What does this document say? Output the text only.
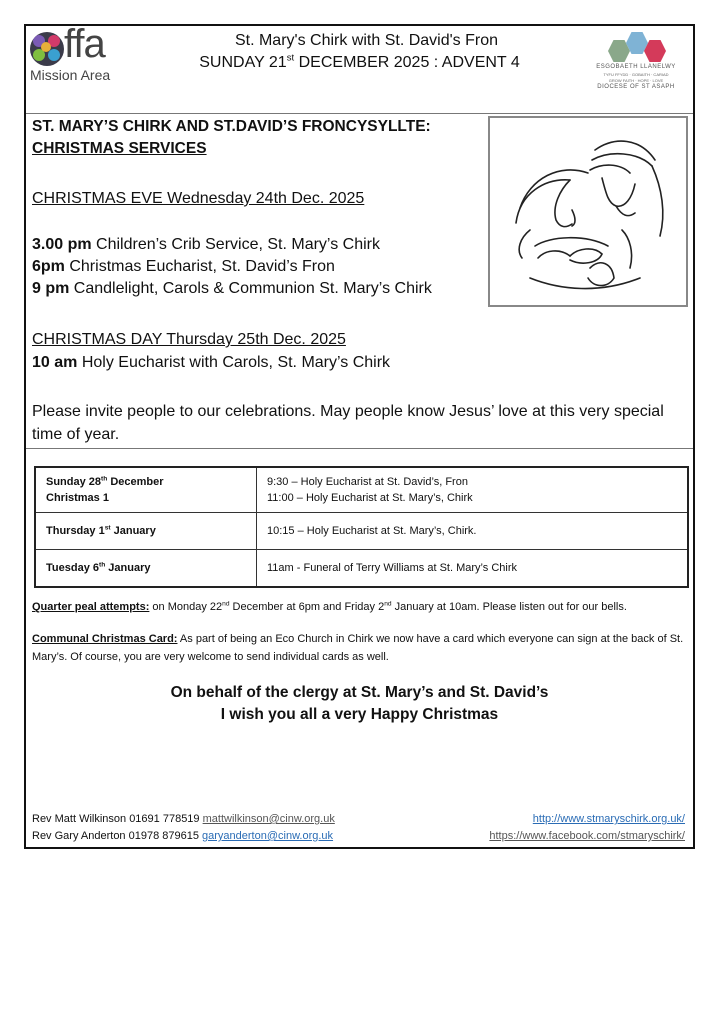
ffa
Mission Area
St. Mary's Chirk with St. David's Fron
SUNDAY 21st DECEMBER 2025 : ADVENT 4	ESGOBAETH LLANELWY
TYFU FFYDD · GOBAITH · CARIAD
GROW FAITH · HOPE · LOVE
DIOCESE OF ST ASAPH
ST. MARY’S CHIRK AND ST.DAVID’S FRONCYSYLLTE:
CHRISTMAS SERVICES
CHRISTMAS EVE Wednesday 24th Dec. 2025
3.00 pm Children’s Crib Service, St. Mary’s Chirk
6pm Christmas Eucharist, St. David’s Fron
9 pm Candlelight, Carols & Communion St. Mary’s Chirk
CHRISTMAS DAY Thursday 25th Dec. 2025
10 am Holy Eucharist with Carols, St. Mary’s Chirk
Please invite people to our celebrations. May people know Jesus’ love at this very special time of year.
Sunday 28th December
Christmas 1	9:30 – Holy Eucharist at St. David’s, Fron
11:00 – Holy Eucharist at St. Mary’s, Chirk
Thursday 1st January	10:15 – Holy Eucharist at St. Mary’s, Chirk.
Tuesday 6th January	11am - Funeral of Terry Williams at St. Mary’s Chirk
Quarter peal attempts: on Monday 22nd December at 6pm and Friday 2nd January at 10am. Please listen out for our bells.
Communal Christmas Card: As part of being an Eco Church in Chirk we now have a card which everyone can sign at the back of St. Mary’s. Of course, you are very welcome to send individual cards as well.
On behalf of the clergy at St. Mary’s and St. David’s
I wish you all a very Happy Christmas
Rev Matt Wilkinson 01691 778519 mattwilkinson@cinw.org.uk
Rev Gary Anderton 01978 879615 garyanderton@cinw.org.uk
http://www.stmaryschirk.org.uk/
https://www.facebook.com/stmaryschirk/
